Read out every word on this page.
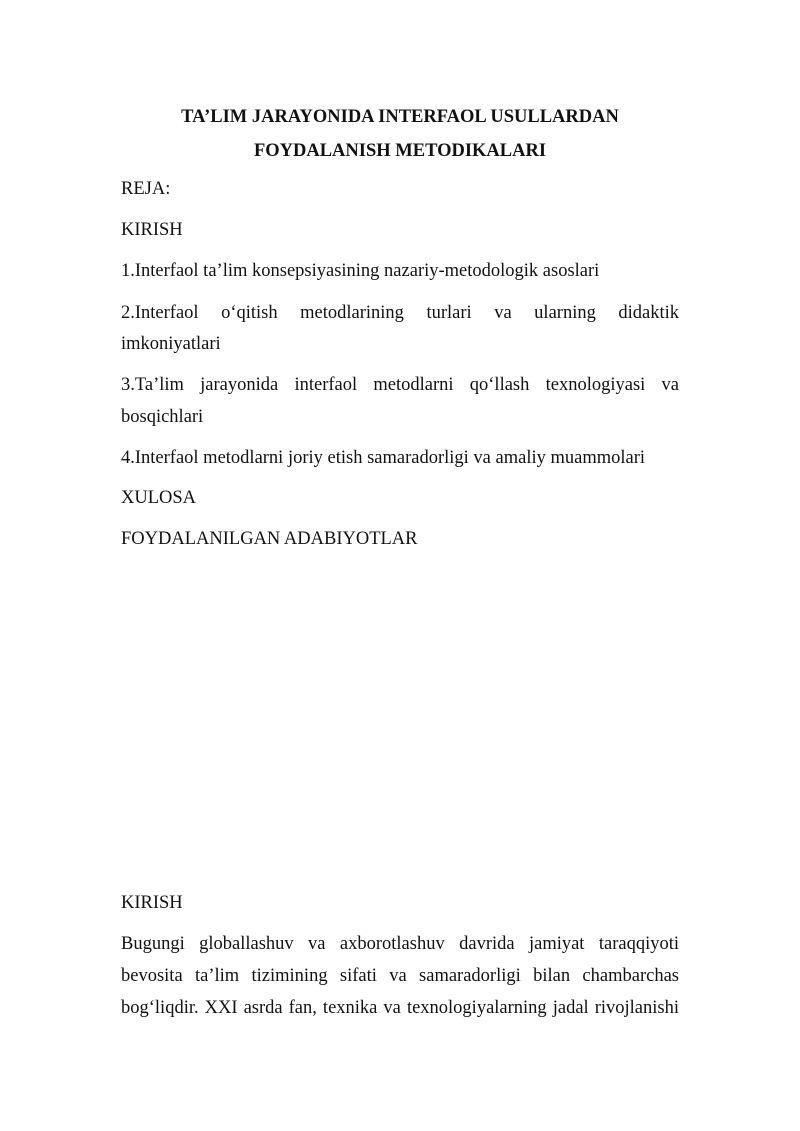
TA’LIM JARAYONIDA INTERFAOL USULLARDAN
FOYDALANISH METODIKALARI
REJA:
KIRISH
1.Interfaol ta’lim konsepsiyasining nazariy-metodologik asoslari
2.Interfaol o‘qitish metodlarining turlari va ularning didaktik
imkoniyatlari
3.Ta’lim jarayonida interfaol metodlarni qo‘llash texnologiyasi va
bosqichlari
4.Interfaol metodlarni joriy etish samaradorligi va amaliy muammolari
XULOSA
FOYDALANILGAN ADABIYOTLAR
KIRISH
Bugungi globallashuv va axborotlashuv davrida jamiyat taraqqiyoti
bevosita ta’lim tizimining sifati va samaradorligi bilan chambarchas
bog‘liqdir. XXI asrda fan, texnika va texnologiyalarning jadal rivojlanishi
